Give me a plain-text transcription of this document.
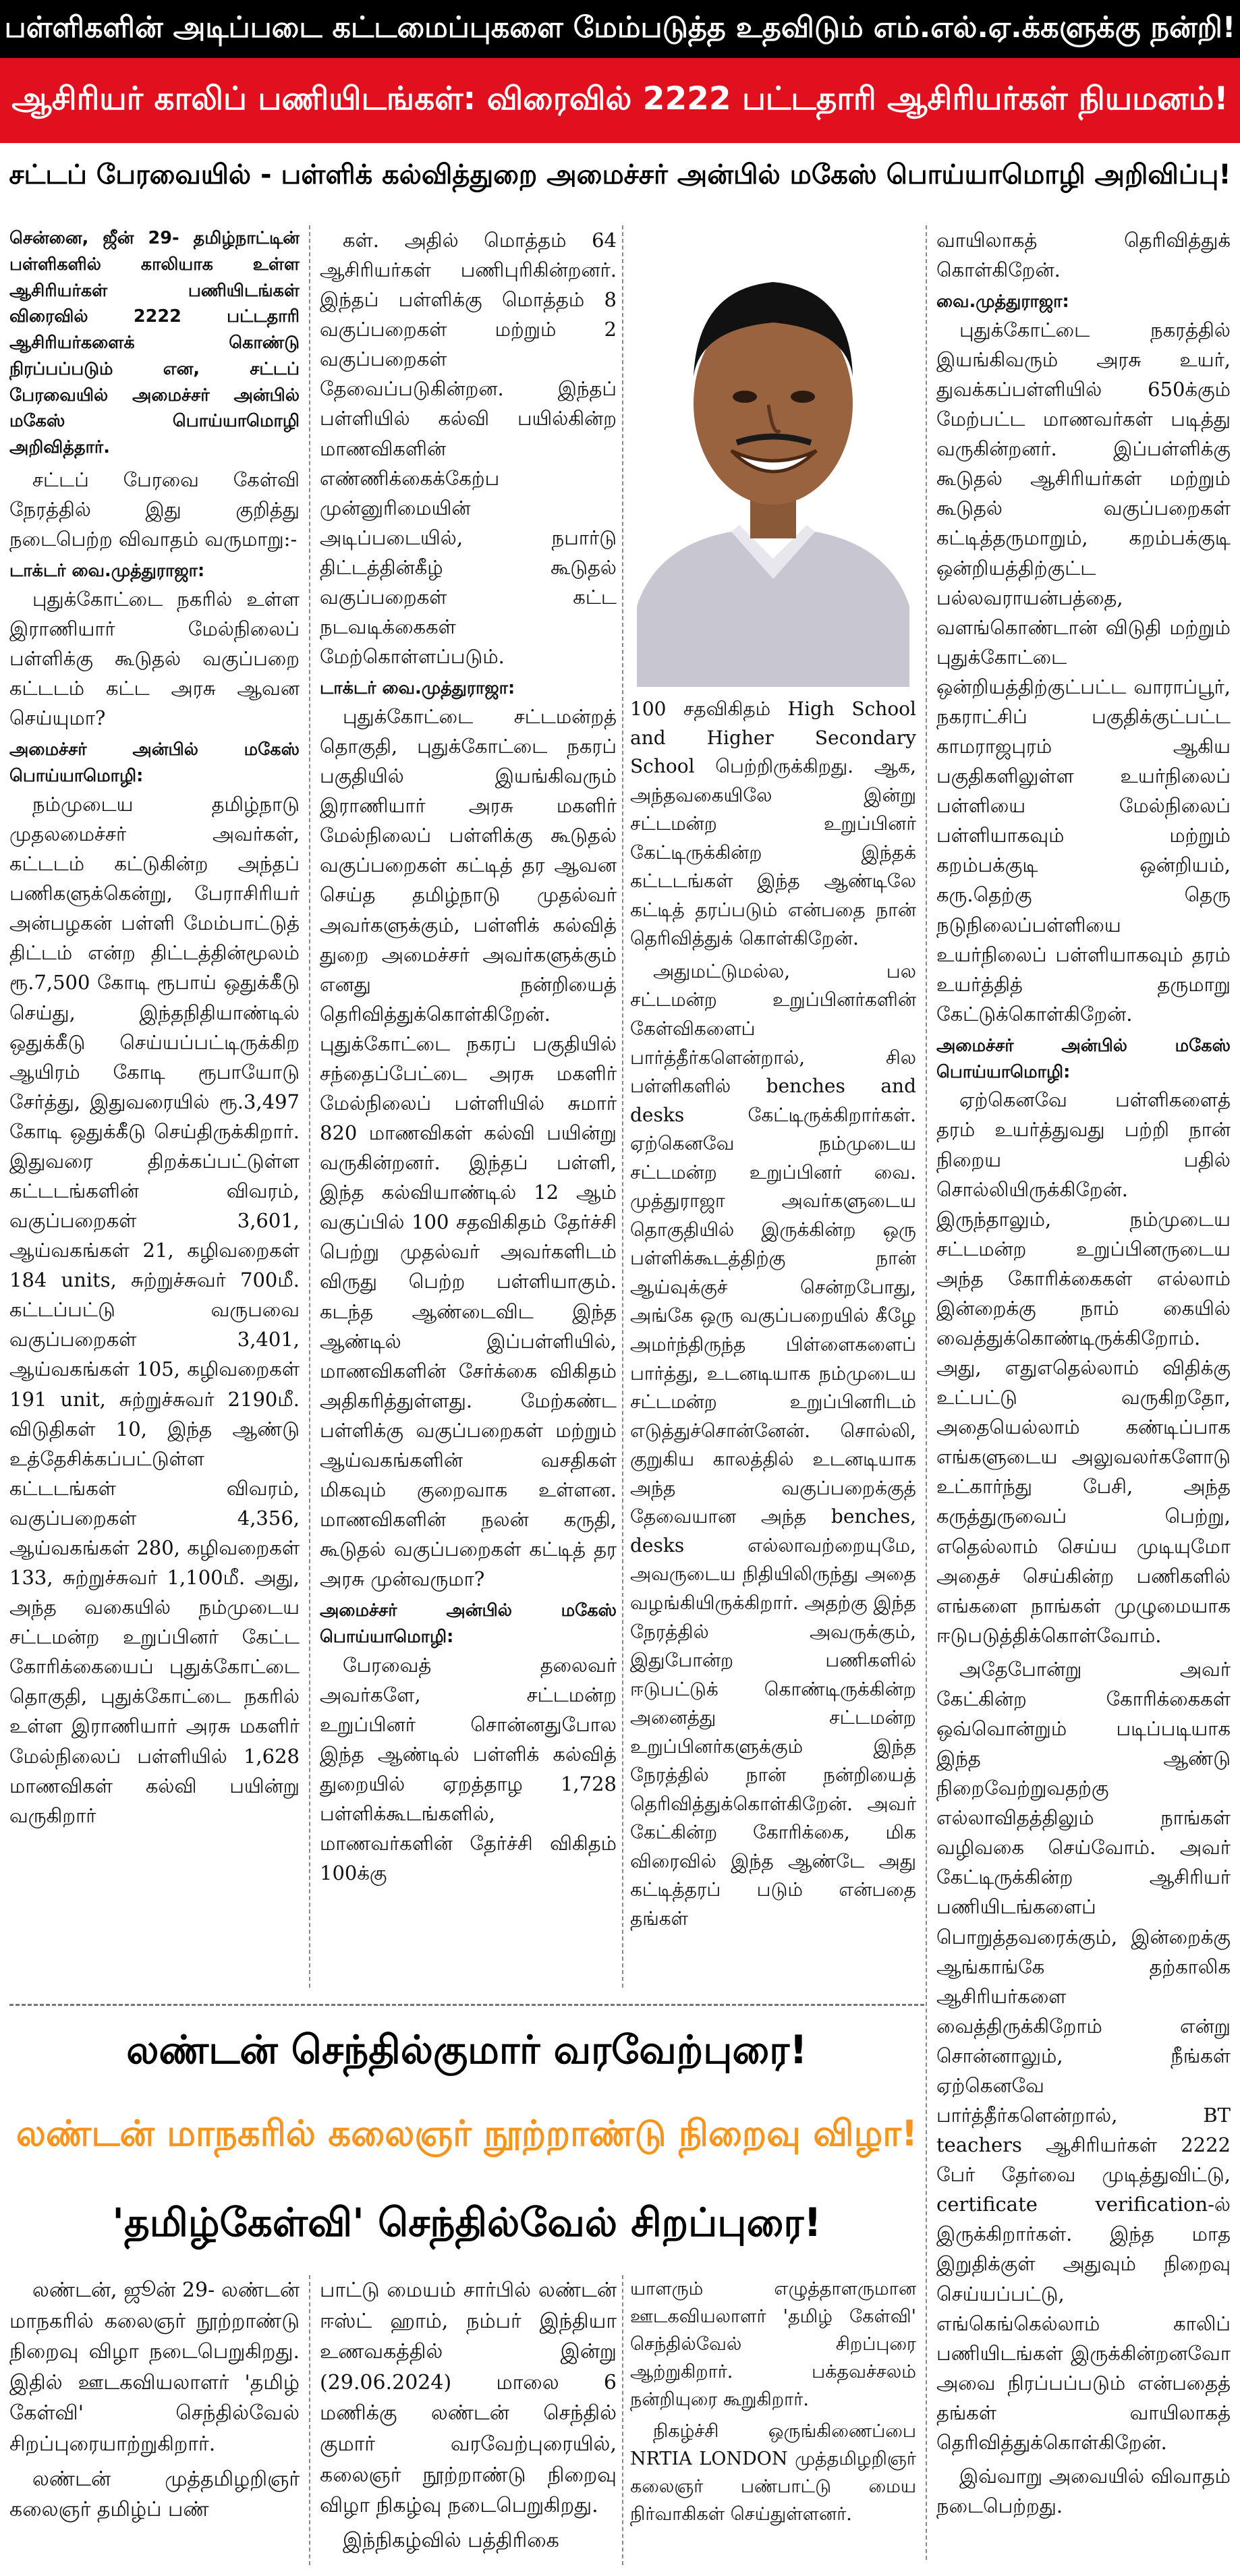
பள்ளிகளின் அடிப்படை கட்டமைப்புகளை மேம்படுத்த உதவிடும் எம்.எல்.ஏ.க்களுக்கு நன்றி!
ஆசிரியர் காலிப் பணியிடங்கள்: விரைவில் 2222 பட்டதாரி ஆசிரியர்கள் நியமனம்!
சட்டப் பேரவையில் - பள்ளிக் கல்வித்துறை அமைச்சர் அன்பில் மகேஸ் பொய்யாமொழி அறிவிப்பு!

சென்னை, ஜீன் 29- தமிழ்நாட்டின் பள்ளிகளில் காலியாக உள்ள ஆசிரியர்கள் பணியிடங்கள் விரைவில் 2222 பட்டதாரி ஆசிரியர்களைக் கொண்டு நிரப்பப்படும் என, சட்டப் பேரவையில் அமைச்சர் அன்பில் மகேஸ் பொய்யாமொழி அறிவித்தார்.

சட்டப் பேரவை கேள்வி நேரத்தில் இது குறித்து நடைபெற்ற விவாதம் வருமாறு:-

டாக்டர் வை.முத்துராஜா:

புதுக்கோட்டை நகரில் உள்ள இராணியார் மேல்நிலைப் பள்ளிக்கு கூடுதல் வகுப்பறை கட்டடம் கட்ட அரசு ஆவன செய்யுமா?

அமைச்சர் அன்பில் மகேஸ் பொய்யாமொழி:

நம்முடைய தமிழ்நாடு முதலமைச்சர் அவர்கள், கட்டடம் கட்டுகின்ற அந்தப் பணிகளுக்கென்று, பேராசிரியர் அன்பழகன் பள்ளி மேம்பாட்டுத் திட்டம் என்ற திட்டத்தின்மூலம் ரூ.7,500 கோடி ரூபாய் ஒதுக்கீடு செய்து, இந்தநிதியாண்டில் ஒதுக்கீடு செய்யப்பட்டிருக்கிற ஆயிரம் கோடி ரூபாயோடு சேர்த்து, இதுவரையில் ரூ.3,497 கோடி ஒதுக்கீடு செய்திருக்கிறார். இதுவரை திறக்கப்பட்டுள்ள கட்டடங்களின் விவரம், வகுப்பறைகள் 3,601, ஆய்வகங்கள் 21, கழிவறைகள் 184 units, சுற்றுச்சுவர் 700மீ. கட்டப்பட்டு வருபவை வகுப்பறைகள் 3,401, ஆய்வகங்கள் 105, கழிவறைகள் 191 unit, சுற்றுச்சுவர் 2190மீ. விடுதிகள் 10, இந்த ஆண்டு உத்தேசிக்கப்பட்டுள்ள கட்டடங்கள் விவரம், வகுப்பறைகள் 4,356, ஆய்வகங்கள் 280, கழிவறைகள் 133, சுற்றுச்சுவர் 1,100மீ. அது, அந்த வகையில் நம்முடைய சட்டமன்ற உறுப்பினர் கேட்ட கோரிக்கையைப் புதுக்கோட்டை தொகுதி, புதுக்கோட்டை நகரில் உள்ள இராணியார் அரசு மகளிர் மேல்நிலைப் பள்ளியில் 1,628 மாணவிகள் கல்வி பயின்று வருகிறார்

கள். அதில் மொத்தம் 64 ஆசிரியர்கள் பணிபுரிகின்றனர். இந்தப் பள்ளிக்கு மொத்தம் 8 வகுப்பறைகள் மற்றும் 2 வகுப்பறைகள் தேவைப்படுகின்றன. இந்தப் பள்ளியில் கல்வி பயில்கின்ற மாணவிகளின் எண்ணிக்கைக்கேற்ப முன்னுரிமையின் அடிப்படையில், நபார்டு திட்டத்தின்கீழ் கூடுதல் வகுப்பறைகள் கட்ட நடவடிக்கைகள் மேற்கொள்ளப்படும்.

டாக்டர் வை.முத்துராஜா:

புதுக்கோட்டை சட்டமன்றத் தொகுதி, புதுக்கோட்டை நகரப் பகுதியில் இயங்கிவரும் இராணியார் அரசு மகளிர் மேல்நிலைப் பள்ளிக்கு கூடுதல் வகுப்பறைகள் கட்டித் தர ஆவன செய்த தமிழ்நாடு முதல்வர் அவர்களுக்கும், பள்ளிக் கல்வித் துறை அமைச்சர் அவர்களுக்கும் எனது நன்றியைத் தெரிவித்துக்கொள்கிறேன். புதுக்கோட்டை நகரப் பகுதியில் சந்தைப்பேட்டை அரசு மகளிர் மேல்நிலைப் பள்ளியில் சுமார் 820 மாணவிகள் கல்வி பயின்று வருகின்றனர். இந்தப் பள்ளி, இந்த கல்வியாண்டில் 12 ஆம் வகுப்பில் 100 சதவிகிதம் தேர்ச்சி பெற்று முதல்வர் அவர்களிடம் விருது பெற்ற பள்ளியாகும். கடந்த ஆண்டைவிட இந்த ஆண்டில் இப்பள்ளியில், மாணவிகளின் சேர்க்கை விகிதம் அதிகரித்துள்ளது. மேற்கண்ட பள்ளிக்கு வகுப்பறைகள் மற்றும் ஆய்வகங்களின் வசதிகள் மிகவும் குறைவாக உள்ளன. மாணவிகளின் நலன் கருதி, கூடுதல் வகுப்பறைகள் கட்டித் தர அரசு முன்வருமா?

அமைச்சர் அன்பில் மகேஸ் பொய்யாமொழி:

பேரவைத் தலைவர் அவர்களே, சட்டமன்ற உறுப்பினர் சொன்னதுபோல இந்த ஆண்டில் பள்ளிக் கல்வித் துறையில் ஏறத்தாழ 1,728 பள்ளிக்கூடங்களில், மாணவர்களின் தேர்ச்சி விகிதம் 100க்கு

100 சதவிகிதம் High School and Higher Secondary School பெற்றிருக்கிறது. ஆக, அந்தவகையிலே இன்று சட்டமன்ற உறுப்பினர் கேட்டிருக்கின்ற இந்தக் கட்டடங்கள் இந்த ஆண்டிலே கட்டித் தரப்படும் என்பதை நான் தெரிவித்துக் கொள்கிறேன்.

அதுமட்டுமல்ல, பல சட்டமன்ற உறுப்பினர்களின் கேள்விகளைப் பார்த்தீர்களென்றால், சில பள்ளிகளில் benches and desks கேட்டிருக்கிறார்கள். ஏற்கெனவே நம்முடைய சட்டமன்ற உறுப்பினர் வை. முத்துராஜா அவர்களுடைய தொகுதியில் இருக்கின்ற ஒரு பள்ளிக்கூடத்திற்கு நான் ஆய்வுக்குச் சென்றபோது, அங்கே ஒரு வகுப்பறையில் கீழே அமர்ந்திருந்த பிள்ளைகளைப் பார்த்து, உடனடியாக நம்முடைய சட்டமன்ற உறுப்பினரிடம் எடுத்துச்சொன்னேன். சொல்லி, குறுகிய காலத்தில் உடனடியாக அந்த வகுப்பறைக்குத் தேவையான அந்த benches, desks எல்லாவற்றையுமே, அவருடைய நிதியிலிருந்து அதை வழங்கியிருக்கிறார். அதற்கு இந்த நேரத்தில் அவருக்கும், இதுபோன்ற பணிகளில் ஈடுபட்டுக் கொண்டிருக்கின்ற அனைத்து சட்டமன்ற உறுப்பினர்களுக்கும் இந்த நேரத்தில் நான் நன்றியைத் தெரிவித்துக்கொள்கிறேன். அவர் கேட்கின்ற கோரிக்கை, மிக விரைவில் இந்த ஆண்டே அது கட்டித்தரப் படும் என்பதை தங்கள்

வாயிலாகத் தெரிவித்துக் கொள்கிறேன்.

வை.முத்துராஜா:

புதுக்கோட்டை நகரத்தில் இயங்கிவரும் அரசு உயர், துவக்கப்பள்ளியில் 650க்கும் மேற்பட்ட மாணவர்கள் படித்து வருகின்றனர். இப்பள்ளிக்கு கூடுதல் ஆசிரியர்கள் மற்றும் கூடுதல் வகுப்பறைகள் கட்டித்தருமாறும், கறம்பக்குடி ஒன்றியத்திற்குட்ட பல்லவராயன்பத்தை, வளங்கொண்டான் விடுதி மற்றும் புதுக்கோட்டை ஒன்றியத்திற்குட்பட்ட வாராப்பூர், நகராட்சிப் பகுதிக்குட்பட்ட காமராஜபுரம் ஆகிய பகுதிகளிலுள்ள உயர்நிலைப் பள்ளியை மேல்நிலைப் பள்ளியாகவும் மற்றும் கறம்பக்குடி ஒன்றியம், கரு.தெற்கு தெரு நடுநிலைப்பள்ளியை உயர்நிலைப் பள்ளியாகவும் தரம் உயர்த்தித் தருமாறு கேட்டுக்கொள்கிறேன்.

அமைச்சர் அன்பில் மகேஸ் பொய்யாமொழி:

ஏற்கெனவே பள்ளிகளைத் தரம் உயர்த்துவது பற்றி நான் நிறைய பதில் சொல்லியிருக்கிறேன். இருந்தாலும், நம்முடைய சட்டமன்ற உறுப்பினருடைய அந்த கோரிக்கைகள் எல்லாம் இன்றைக்கு நாம் கையில் வைத்துக்கொண்டிருக்கிறோம். அது, எதுஎதெல்லாம் விதிக்கு உட்பட்டு வருகிறதோ, அதையெல்லாம் கண்டிப்பாக எங்களுடைய அலுவலர்களோடு உட்கார்ந்து பேசி, அந்த கருத்துருவைப் பெற்று, எதெல்லாம் செய்ய முடியுமோ அதைச் செய்கின்ற பணிகளில் எங்களை நாங்கள் முழுமையாக ஈடுபடுத்திக்கொள்வோம்.

அதேபோன்று அவர் கேட்கின்ற கோரிக்கைகள் ஒவ்வொன்றும் படிப்படியாக இந்த ஆண்டு நிறைவேற்றுவதற்கு எல்லாவிதத்திலும் நாங்கள் வழிவகை செய்வோம். அவர் கேட்டிருக்கின்ற ஆசிரியர் பணியிடங்களைப் பொறுத்தவரைக்கும், இன்றைக்கு ஆங்காங்கே தற்காலிக ஆசிரியர்களை வைத்திருக்கிறோம் என்று சொன்னாலும், நீங்கள் ஏற்கெனவே பார்த்தீர்களென்றால், BT teachers ஆசிரியர்கள் 2222 பேர் தேர்வை முடித்துவிட்டு, certificate verification-ல் இருக்கிறார்கள். இந்த மாத இறுதிக்குள் அதுவும் நிறைவு செய்யப்பட்டு, எங்கெங்கெல்லாம் காலிப் பணியிடங்கள் இருக்கின்றனவோ அவை நிரப்பப்படும் என்பதைத் தங்கள் வாயிலாகத் தெரிவித்துக்கொள்கிறேன்.

இவ்வாறு அவையில் விவாதம் நடைபெற்றது.

லண்டன் செந்தில்குமார் வரவேற்புரை!
லண்டன் மாநகரில் கலைஞர் நூற்றாண்டு நிறைவு விழா!
'தமிழ்கேள்வி' செந்தில்வேல் சிறப்புரை!

லண்டன், ஜூன் 29- லண்டன் மாநகரில் கலைஞர் நூற்றாண்டு நிறைவு விழா நடைபெறுகிறது. இதில் ஊடகவியலாளர் 'தமிழ் கேள்வி' செந்தில்வேல் சிறப்புரையாற்றுகிறார்.

லண்டன் முத்தமிழறிஞர் கலைஞர் தமிழ்ப் பண்

பாட்டு மையம் சார்பில் லண்டன் ஈஸ்ட் ஹாம், நம்பர் இந்தியா உணவகத்தில் இன்று (29.06.2024) மாலை 6 மணிக்கு லண்டன் செந்தில் குமார் வரவேற்புரையில், கலைஞர் நூற்றாண்டு நிறைவு விழா நிகழ்வு நடைபெறுகிறது.

இந்நிகழ்வில் பத்திரிகை

யாளரும் எழுத்தாளருமான ஊடகவியலாளர் 'தமிழ் கேள்வி' செந்தில்வேல் சிறப்புரை ஆற்றுகிறார். பக்தவச்சலம் நன்றியுரை கூறுகிறார்.

நிகழ்ச்சி ஒருங்கிணைப்பை NRTIA LONDON முத்தமிழறிஞர் கலைஞர் பண்பாட்டு மைய நிர்வாகிகள் செய்துள்ளனர்.
